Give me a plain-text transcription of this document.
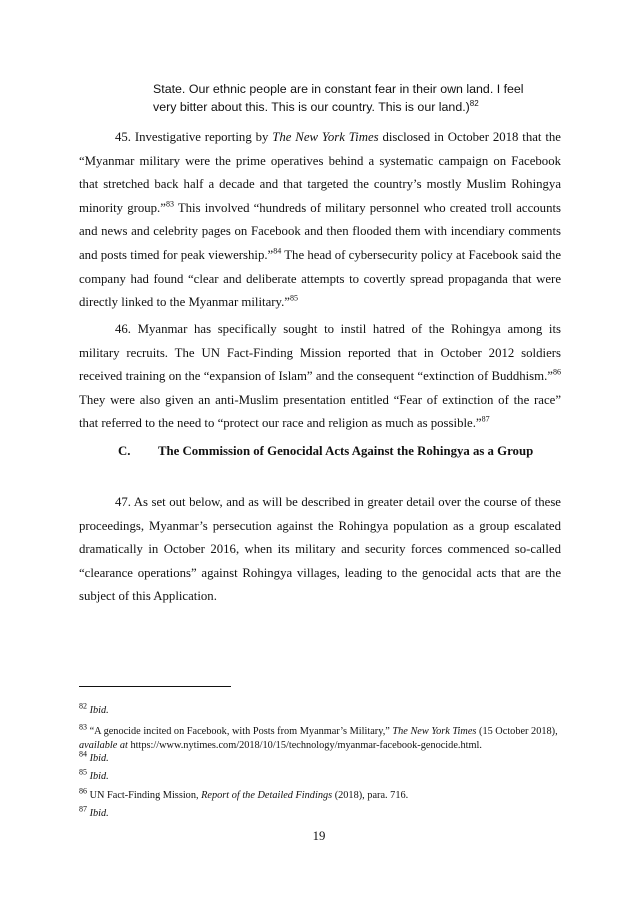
State. Our ethnic people are in constant fear in their own land. I feel very bitter about this. This is our country. This is our land.)$^{82}$
45. Investigative reporting by The New York Times disclosed in October 2018 that the “Myanmar military were the prime operatives behind a systematic campaign on Facebook that stretched back half a decade and that targeted the country’s mostly Muslim Rohingya minority group.”$^{83}$ This involved “hundreds of military personnel who created troll accounts and news and celebrity pages on Facebook and then flooded them with incendiary comments and posts timed for peak viewership.”$^{84}$ The head of cybersecurity policy at Facebook said the company had found “clear and deliberate attempts to covertly spread propaganda that were directly linked to the Myanmar military.”$^{85}$
46. Myanmar has specifically sought to instil hatred of the Rohingya among its military recruits. The UN Fact-Finding Mission reported that in October 2012 soldiers received training on the “expansion of Islam” and the consequent “extinction of Buddhism.”$^{86}$ They were also given an anti-Muslim presentation entitled “Fear of extinction of the race” that referred to the need to “protect our race and religion as much as possible.”$^{87}$
C. The Commission of Genocidal Acts Against the Rohingya as a Group
47. As set out below, and as will be described in greater detail over the course of these proceedings, Myanmar’s persecution against the Rohingya population as a group escalated dramatically in October 2016, when its military and security forces commenced so-called “clearance operations” against Rohingya villages, leading to the genocidal acts that are the subject of this Application.
$^{82}$ Ibid.
$^{83}$ “A genocide incited on Facebook, with Posts from Myanmar’s Military,” The New York Times (15 October 2018), available at https://www.nytimes.com/2018/10/15/technology/myanmar-facebook-genocide.html.
$^{84}$ Ibid.
$^{85}$ Ibid.
$^{86}$ UN Fact-Finding Mission, Report of the Detailed Findings (2018), para. 716.
$^{87}$ Ibid.
19
